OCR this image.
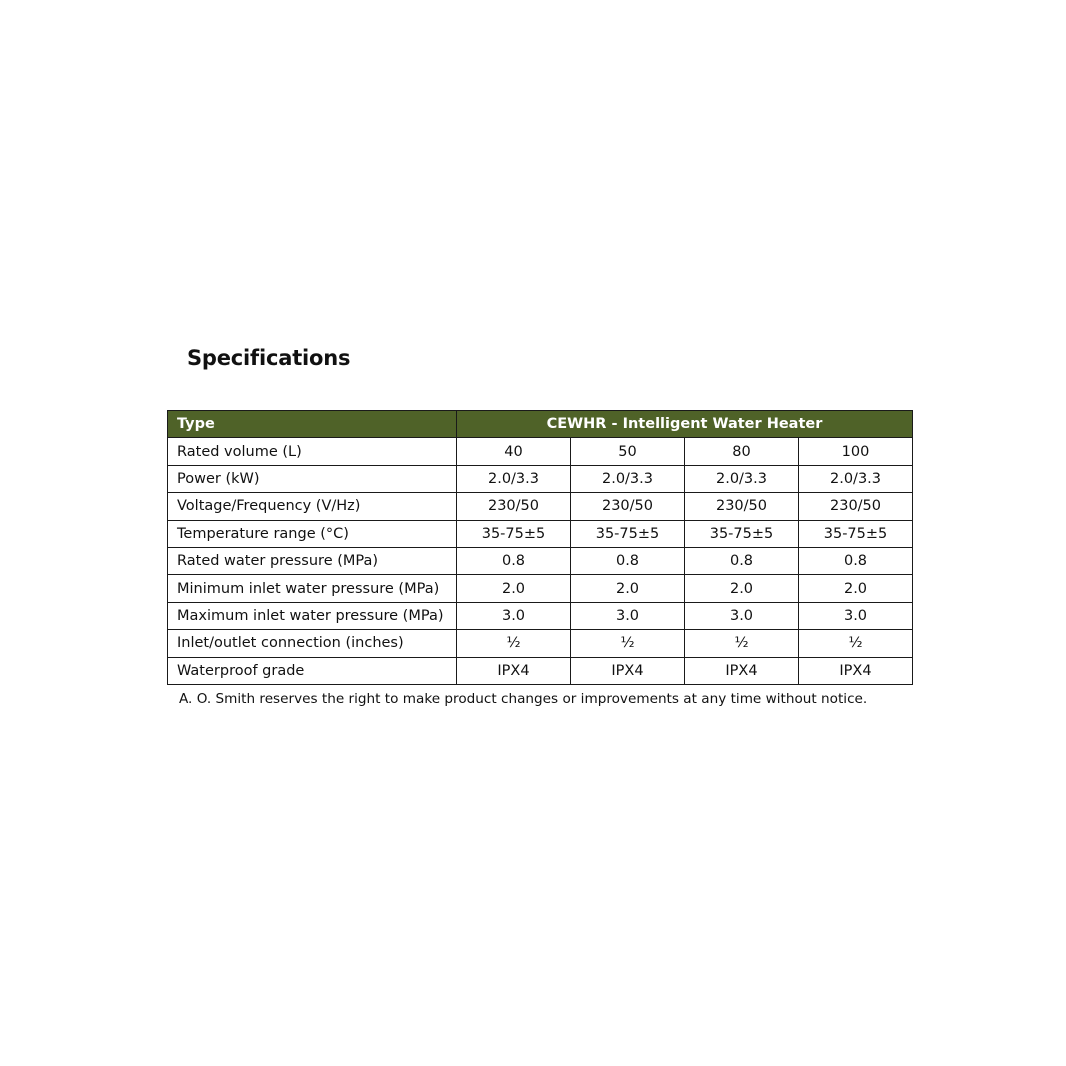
Specifications
Type	CEWHR - Intelligent Water Heater			
Rated volume (L)	40	50	80	100
Power (kW)	2.0/3.3	2.0/3.3	2.0/3.3	2.0/3.3
Voltage/Frequency (V/Hz)	230/50	230/50	230/50	230/50
Temperature range (°C)	35-75±5	35-75±5	35-75±5	35-75±5
Rated water pressure (MPa)	0.8	0.8	0.8	0.8
Minimum inlet water pressure (MPa)	2.0	2.0	2.0	2.0
Maximum inlet water pressure (MPa)	3.0	3.0	3.0	3.0
Inlet/outlet connection (inches)	½	½	½	½
Waterproof grade	IPX4	IPX4	IPX4	IPX4
A. O. Smith reserves the right to make product changes or improvements at any time without notice.
